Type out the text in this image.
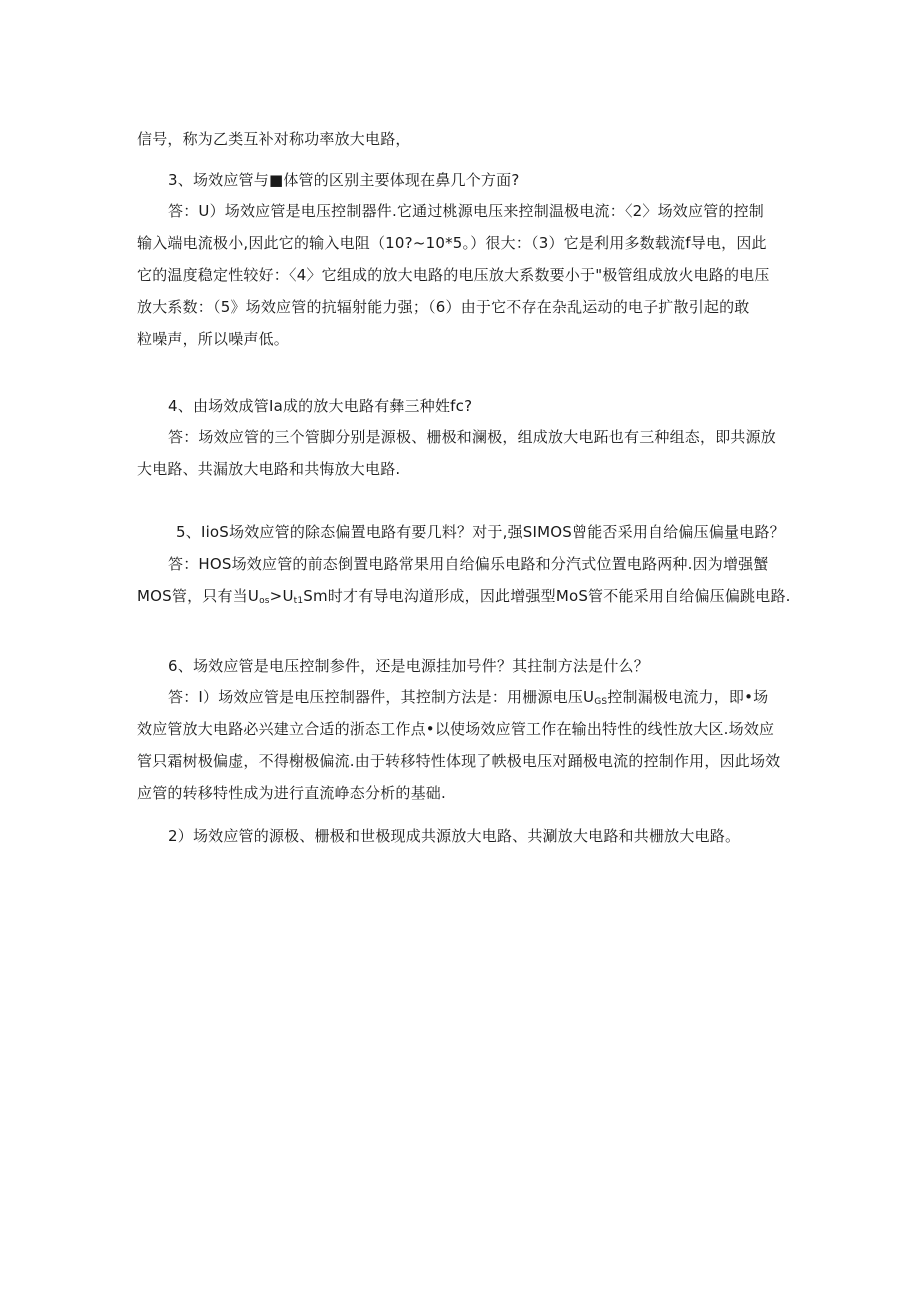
信号，称为乙类互补对称功率放大电路，

3、场效应管与■体管的区别主要体现在鼻几个方面?

答：U）场效应管是电压控制器件.它通过桃源电压来控制温极电流：〈2〉场效应管的控制
输入端电流极小,因此它的输入电阻（10?~10*5。）很大：（3）它是利用多数载流f导电，因此
它的温度稳定性较好：〈4〉它组成的放大电路的电压放大系数要小于"极管组成放火电路的电压
放大系数：（5》场效应管的抗辐射能力强；（6）由于它不存在杂乱运动的电子扩散引起的敢
粒噪声，所以噪声低。

4、由场效成管Ia成的放大电路有彝三种姓fc?

答：场效应管的三个管脚分别是源极、栅极和澜极，组成放大电跖也有三种组态，即共源放
大电路、共漏放大电路和共悔放大电路.

5、IioS场效应管的除态偏置电路有要几料？对于,强SIMOS曾能否采用自给偏压偏量电路？

答：HOS场效应管的前态倒置电路常果用自给偏乐电路和分汽式位置电路两种.因为增强蟹
MOS管，只有当$U_{os}>U_{t1}Sm$时才有导电沟道形成，因此增强型MoS管不能采用自给偏压偏跳电路.

6、场效应管是电压控制参件，还是电源挂加号件？其拄制方法是什么？

答：I）场效应管是电压控制器件，其控制方法是：用栅源电压$U_{GS}$控制漏极电流力，即•场
效应管放大电路必兴建立合适的浙态工作点•以使场效应管工作在输出特性的线性放大区.场效应
管只霜树极偏虚，不得榭极偏流.由于转移特性体现了帙极电压对踊极电流的控制作用，因此场效
应管的转移特性成为进行直流峥态分析的基础.

2）场效应管的源极、栅极和世极现成共源放大电路、共涮放大电路和共栅放大电路。
